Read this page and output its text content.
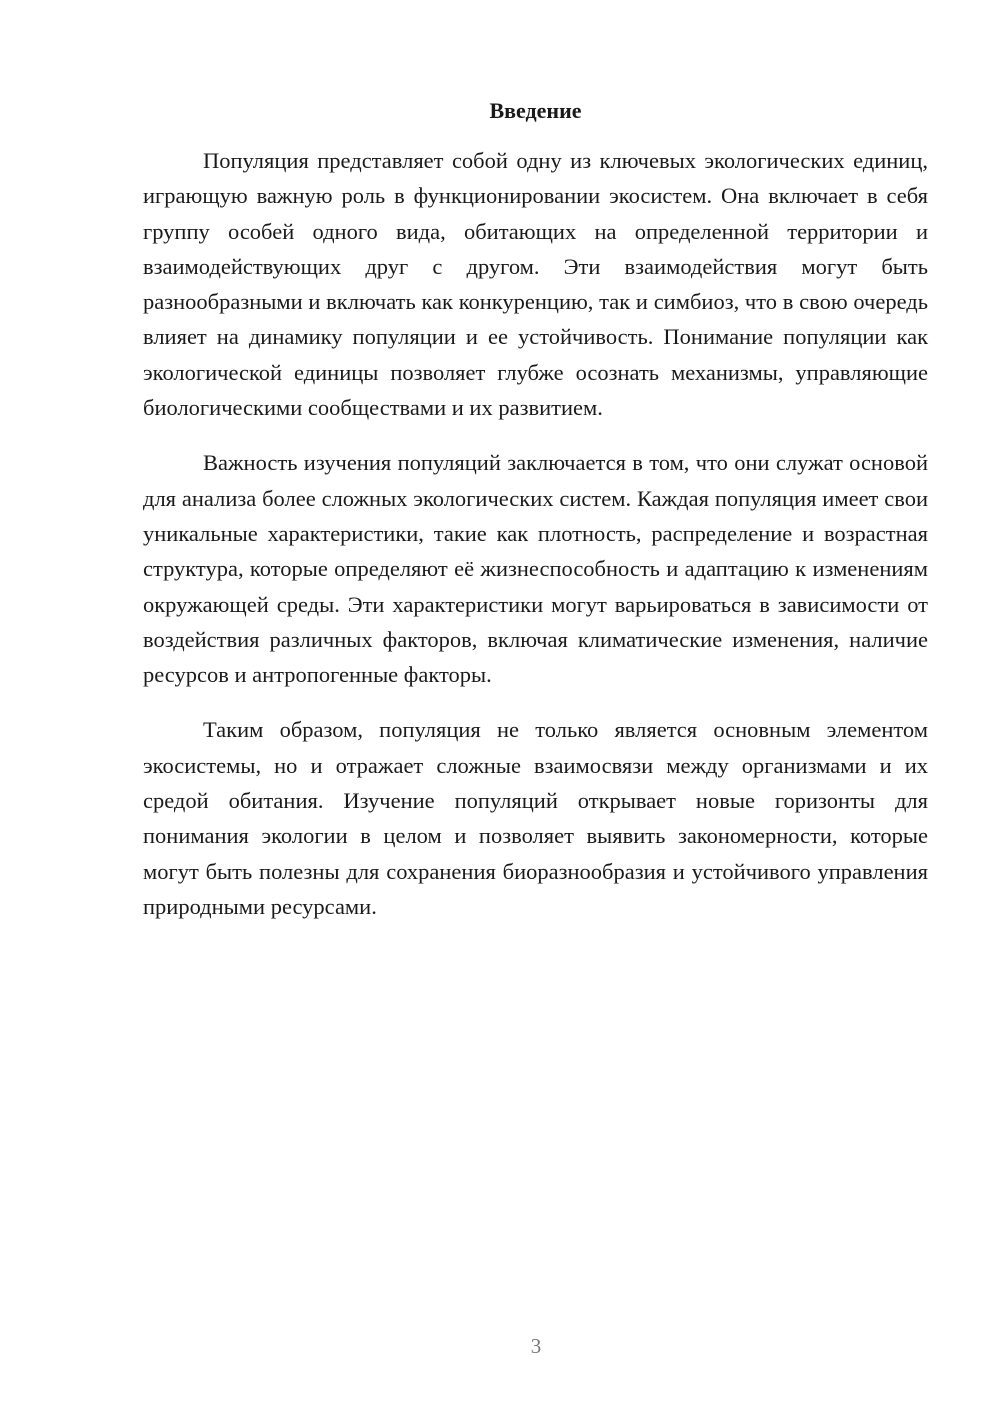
Введение

Популяция представляет собой одну из ключевых экологических единиц, играющую важную роль в функционировании экосистем. Она включает в себя группу особей одного вида, обитающих на определенной территории и взаимодействующих друг с другом. Эти взаимодействия могут быть разнообразными и включать как конкуренцию, так и симбиоз, что в свою очередь влияет на динамику популяции и ее устойчивость. Понимание популяции как экологической единицы позволяет глубже осознать механизмы, управляющие биологическими сообществами и их развитием.

Важность изучения популяций заключается в том, что они служат основой для анализа более сложных экологических систем. Каждая популяция имеет свои уникальные характеристики, такие как плотность, распределение и возрастная структура, которые определяют её жизнеспособность и адаптацию к изменениям окружающей среды. Эти характеристики могут варьироваться в зависимости от воздействия различных факторов, включая климатические изменения, наличие ресурсов и антропогенные факторы.

Таким образом, популяция не только является основным элементом экосистемы, но и отражает сложные взаимосвязи между организмами и их средой обитания. Изучение популяций открывает новые горизонты для понимания экологии в целом и позволяет выявить закономерности, которые могут быть полезны для сохранения биоразнообразия и устойчивого управления природными ресурсами.

3
